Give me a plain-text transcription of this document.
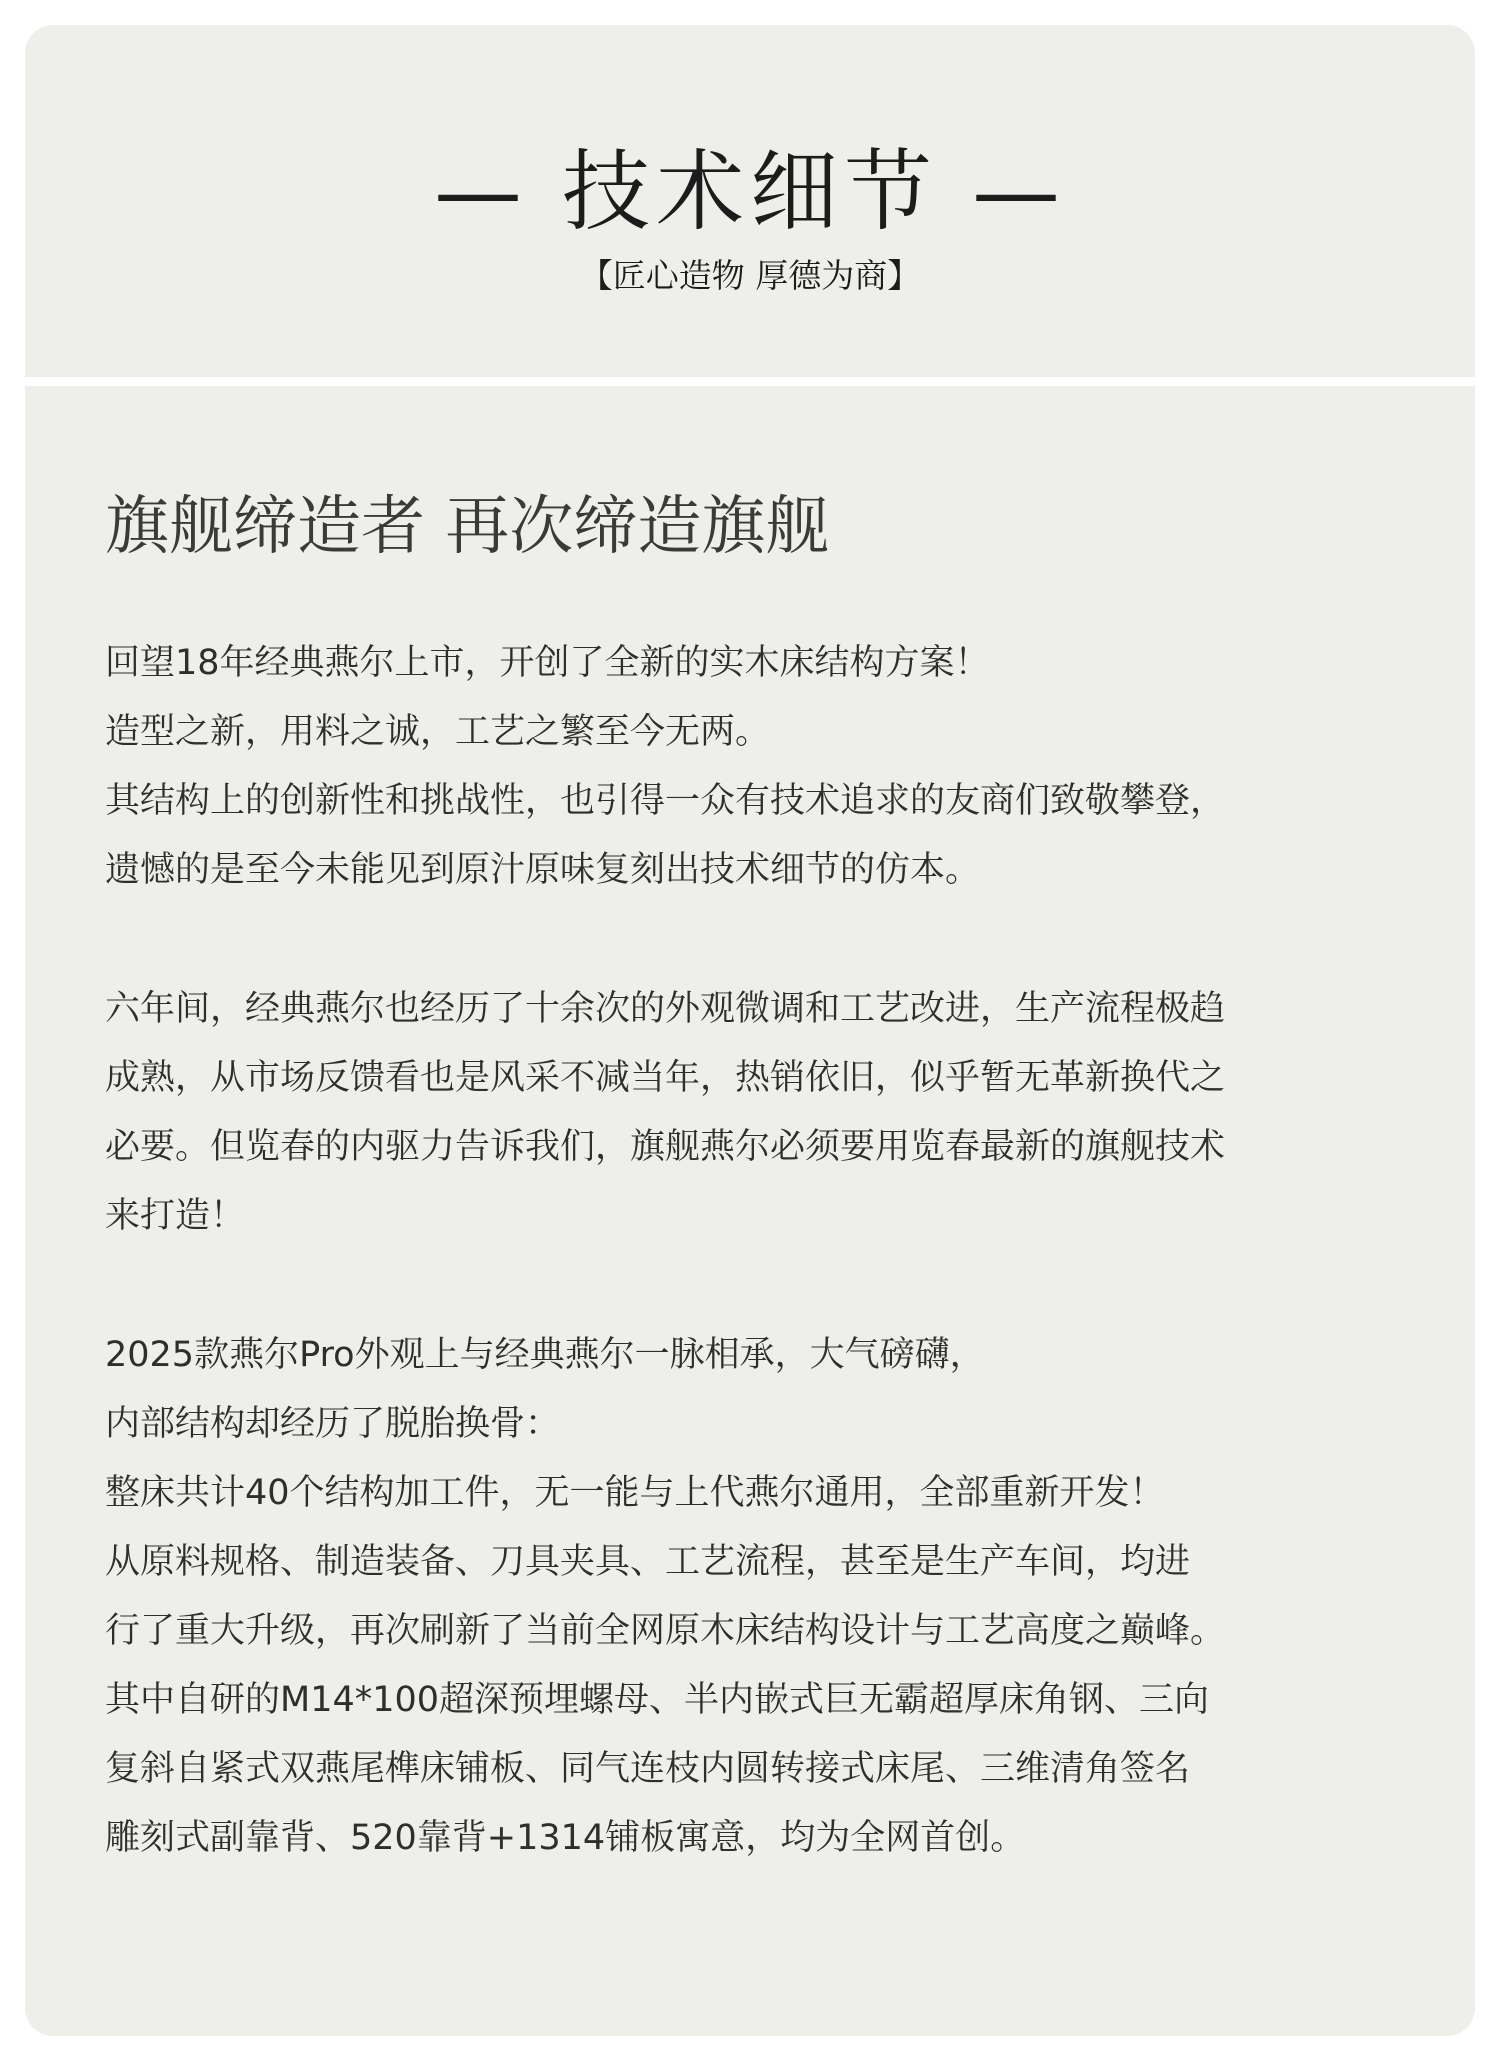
— 技术细节 —
【匠心造物 厚德为商】
旗舰缔造者 再次缔造旗舰
回望18年经典燕尔上市，开创了全新的实木床结构方案！
造型之新，用料之诚，工艺之繁至今无两。
其结构上的创新性和挑战性，也引得一众有技术追求的友商们致敬攀登，
遗憾的是至今未能见到原汁原味复刻出技术细节的仿本。
六年间，经典燕尔也经历了十余次的外观微调和工艺改进，生产流程极趋
成熟，从市场反馈看也是风采不减当年，热销依旧，似乎暂无革新换代之
必要。但览春的内驱力告诉我们，旗舰燕尔必须要用览春最新的旗舰技术
来打造！
2025款燕尔Pro外观上与经典燕尔一脉相承，大气磅礴，
内部结构却经历了脱胎换骨：
整床共计40个结构加工件，无一能与上代燕尔通用，全部重新开发！
从原料规格、制造装备、刀具夹具、工艺流程，甚至是生产车间，均进
行了重大升级，再次刷新了当前全网原木床结构设计与工艺高度之巅峰。
其中自研的M14*100超深预埋螺母、半内嵌式巨无霸超厚床角钢、三向
复斜自紧式双燕尾榫床铺板、同气连枝内圆转接式床尾、三维清角签名
雕刻式副靠背、520靠背+1314铺板寓意，均为全网首创。
